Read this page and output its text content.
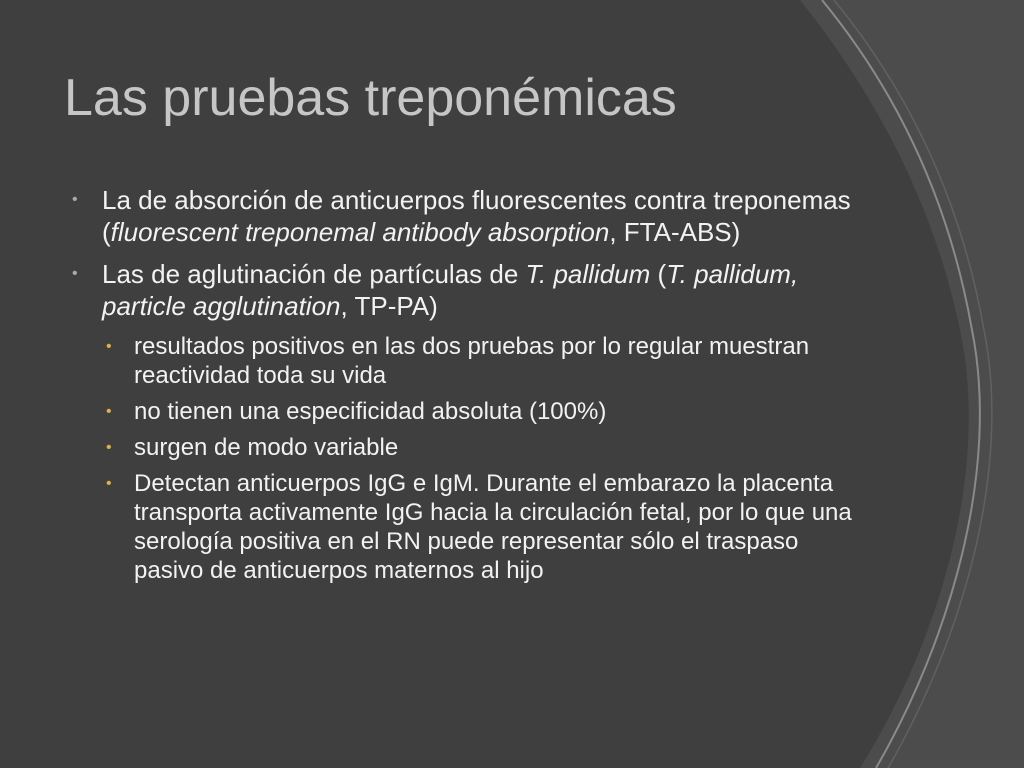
Las pruebas treponémicas
• La de absorción de anticuerpos fluorescentes contra treponemas (fluorescent treponemal antibody absorption, FTA-ABS)
• Las de aglutinación de partículas de T. pallidum (T. pallidum, particle agglutination, TP-PA)
• resultados positivos en las dos pruebas por lo regular muestran reactividad toda su vida
• no tienen una especificidad absoluta (100%)
• surgen de modo variable
• Detectan anticuerpos IgG e IgM. Durante el embarazo la placenta transporta activamente IgG hacia la circulación fetal, por lo que una serología positiva en el RN puede representar sólo el traspaso pasivo de anticuerpos maternos al hijo
